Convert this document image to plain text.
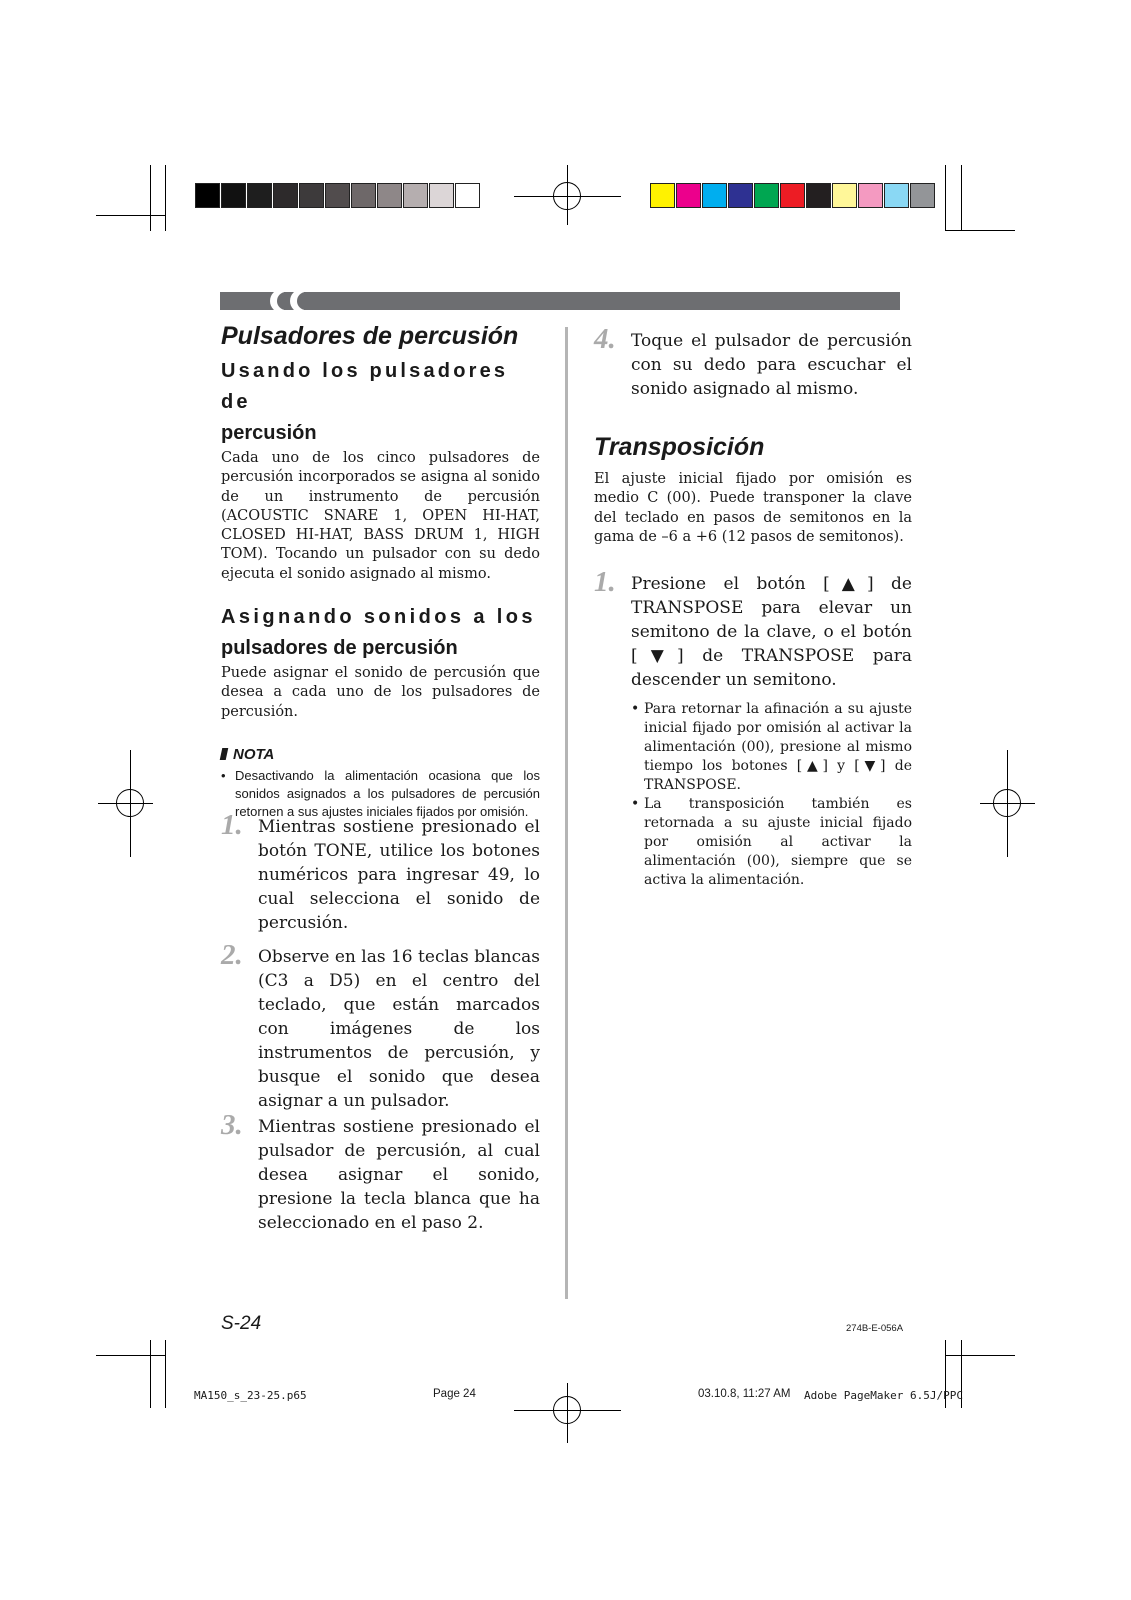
Pulsadores de percusión
Usando los pulsadores de
percusión

Cada uno de los cinco pulsadores de percusión incorporados se asigna al sonido de un instrumento de percusión (ACOUSTIC SNARE 1, OPEN HI-HAT, CLOSED HI-HAT, BASS DRUM 1, HIGH TOM). Tocando un pulsador con su dedo ejecuta el sonido asignado al mismo.

Asignando sonidos a los
pulsadores de percusión

Puede asignar el sonido de percusión que desea a cada uno de los pulsadores de percusión.

NOTA
• Desactivando la alimentación ocasiona que los sonidos asignados a los pulsadores de percusión retornen a sus ajustes iniciales fijados por omisión.
1. Mientras sostiene presionado el botón TONE, utilice los botones numéricos para ingresar 49, lo cual selecciona el sonido de percusión.

2. Observe en las 16 teclas blancas (C3 a D5) en el centro del teclado, que están marcados con imágenes de los instrumentos de percusión, y busque el sonido que desea asignar a un pulsador.

3. Mientras sostiene presionado el pulsador de percusión, al cual desea asignar el sonido, presione la tecla blanca que ha seleccionado en el paso 2.

4. Toque el pulsador de percusión con su dedo para escuchar el sonido asignado al mismo.

Transposición

El ajuste inicial fijado por omisión es medio C (00). Puede transponer la clave del teclado en pasos de semitonos en la gama de –6 a +6 (12 pasos de semitonos).

1. Presione el botón [▲] de TRANSPOSE para elevar un semitono de la clave, o el botón [▼] de TRANSPOSE para descender un semitono.

• Para retornar la afinación a su ajuste inicial fijado por omisión al activar la alimentación (00), presione al mismo tiempo los botones [▲] y [▼] de TRANSPOSE.
• La transposición también es retornada a su ajuste inicial fijado por omisión al activar la alimentación (00), siempre que se activa la alimentación.
S-24	274B-E-056A
MA150_s_23-25.p65	Page 24	03.10.8, 11:27 AM Adobe PageMaker 6.5J/PPC
